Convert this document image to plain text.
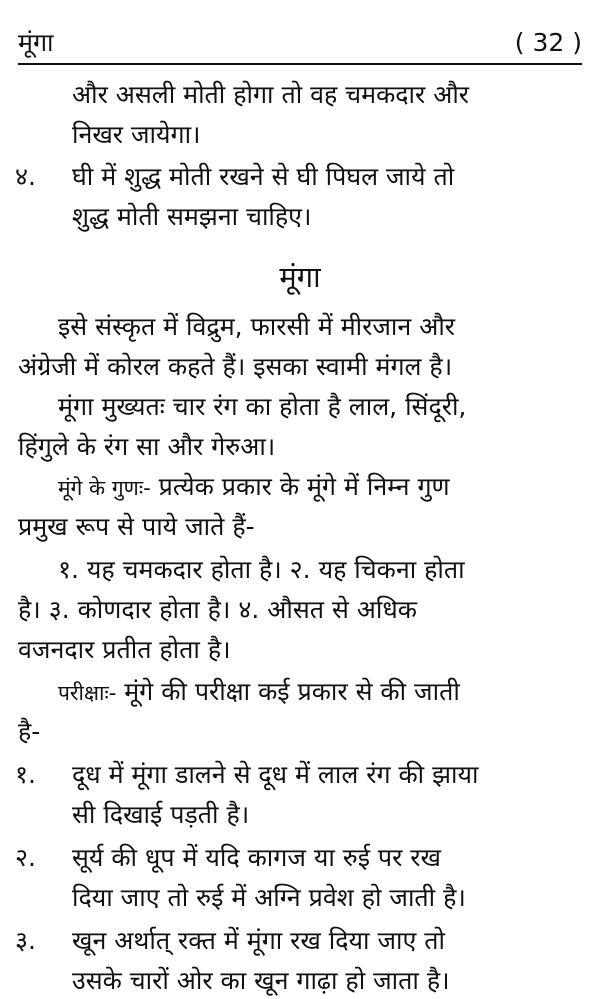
मूंगा	( 32 )
और असली मोती होगा तो वह चमकदार और
निखर जायेगा।
४. घी में शुद्ध मोती रखने से घी पिघल जाये तो
शुद्ध मोती समझना चाहिए।
मूंगा
इसे संस्कृत में विद्रुम, फारसी में मीरजान और
अंग्रेजी में कोरल कहते हैं। इसका स्वामी मंगल है।
मूंगा मुख्यतः चार रंग का होता है लाल, सिंदूरी,
हिंगुले के रंग सा और गेरुआ।
मूंगे के गुणः- प्रत्येक प्रकार के मूंगे में निम्न गुण
प्रमुख रूप से पाये जाते हैं-
१. यह चमकदार होता है। २. यह चिकना होता
है। ३. कोणदार होता है। ४. औसत से अधिक
वजनदार प्रतीत होता है।
परीक्षाः- मूंगे की परीक्षा कई प्रकार से की जाती
है-
१. दूध में मूंगा डालने से दूध में लाल रंग की झाया
सी दिखाई पड़ती है।
२. सूर्य की धूप में यदि कागज या रुई पर रख
दिया जाए तो रुई में अग्नि प्रवेश हो जाती है।
३. खून अर्थात् रक्त में मूंगा रख दिया जाए तो
उसके चारों ओर का खून गाढ़ा हो जाता है।
